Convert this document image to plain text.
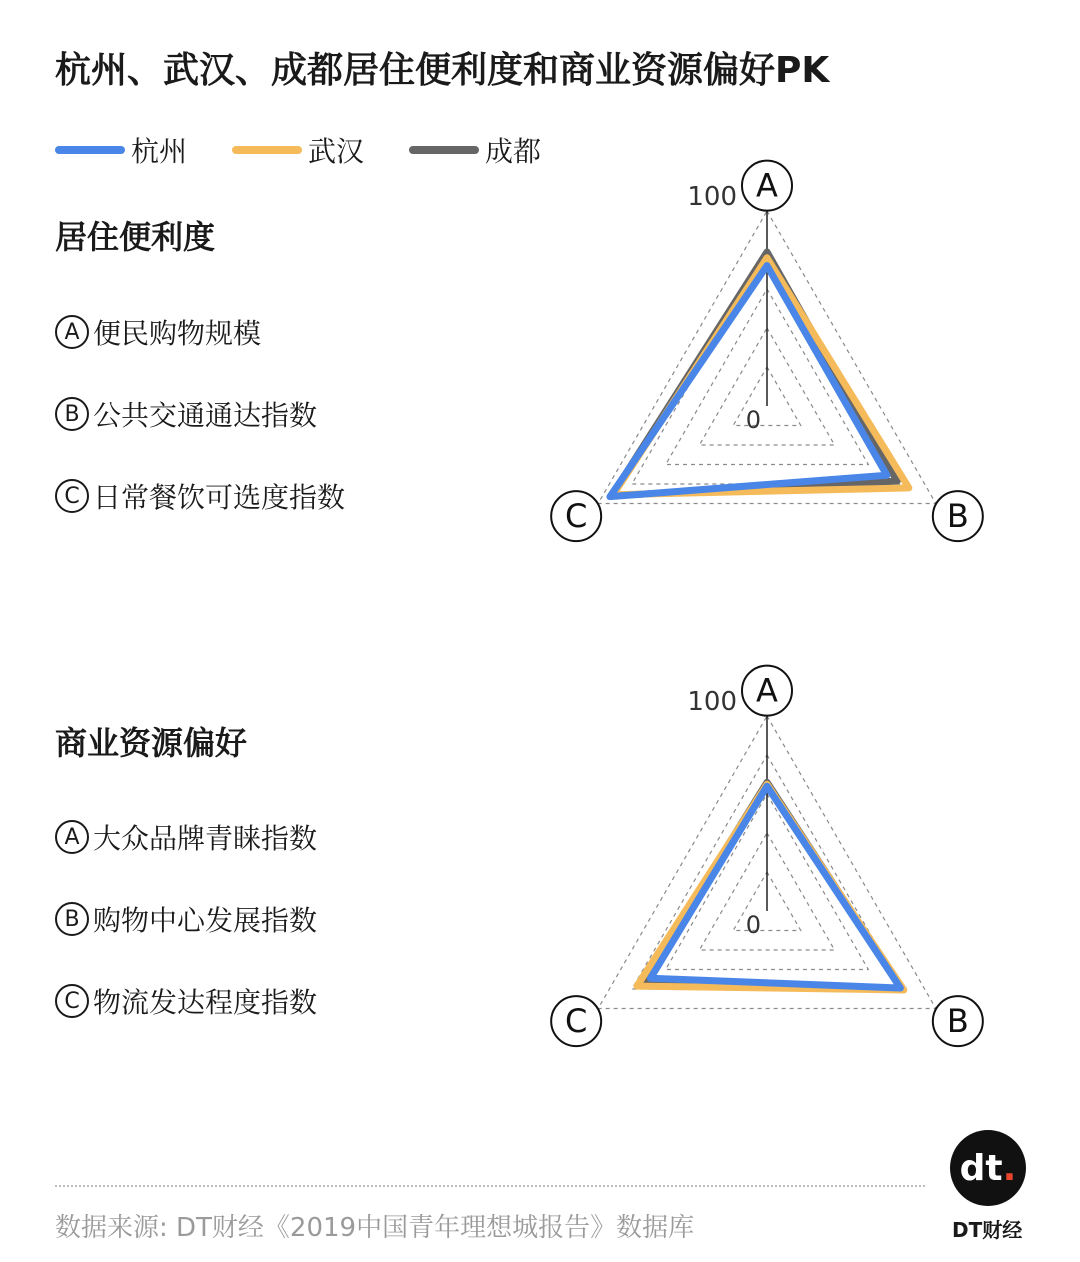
杭州、武汉、成都居住便利度和商业资源偏好PK
杭州	武汉	成都
居住便利度
A 便民购物规模
B 公共交通通达指数
C 日常餐饮可选度指数
商业资源偏好
A 大众品牌青睐指数
B 购物中心发展指数
C 物流发达程度指数
100
0
A
B
C
100
0
A
B
C
数据来源: DT财经《2019中国青年理想城报告》数据库
dt .
DT财经
